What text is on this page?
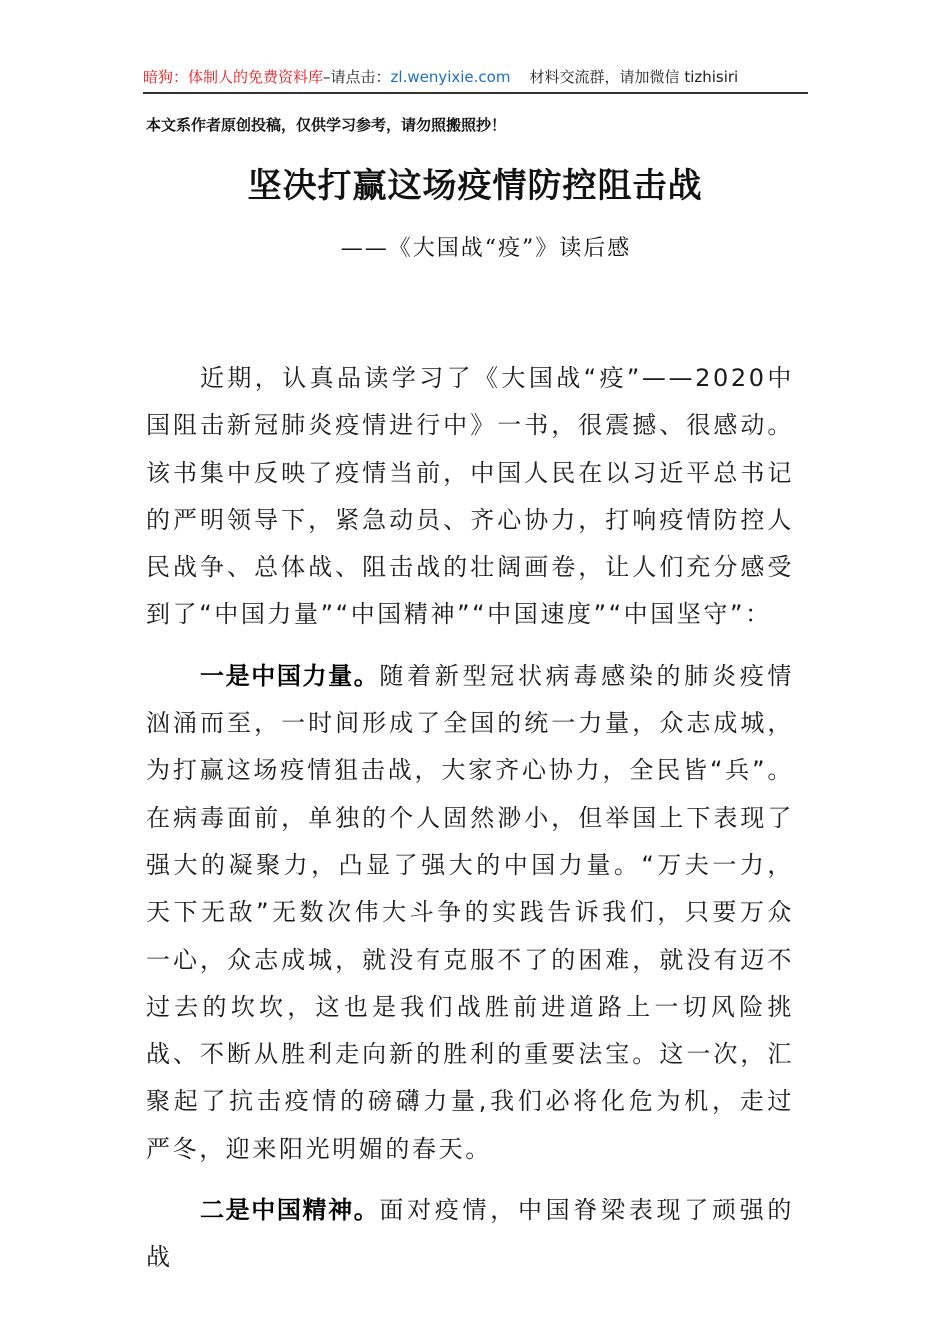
暗狗：体制人的免费资料库–请点击：zl.wenyixie.com 材料交流群，请加微信 tizhisiri
本文系作者原创投稿，仅供学习参考，请勿照搬照抄！
坚决打赢这场疫情防控阻击战
——《大国战“疫”》读后感

近期，认真品读学习了《大国战“疫”——2020中国阻击新冠肺炎疫情进行中》一书，很震撼、很感动。该书集中反映了疫情当前，中国人民在以习近平总书记的严明领导下，紧急动员、齐心协力，打响疫情防控人民战争、总体战、阻击战的壮阔画卷，让人们充分感受到了“中国力量”“中国精神”“中国速度”“中国坚守”：

一是中国力量。随着新型冠状病毒感染的肺炎疫情汹涌而至，一时间形成了全国的统一力量，众志成城，为打赢这场疫情狙击战，大家齐心协力，全民皆“兵”。 在病毒面前，单独的个人固然渺小，但举国上下表现了强大的凝聚力，凸显了强大的中国力量。“万夫一力，天下无敌”无数次伟大斗争的实践告诉我们，只要万众一心，众志成城，就没有克服不了的困难，就没有迈不过去的坎坎，这也是我们战胜前进道路上一切风险挑战、不断从胜利走向新的胜利的重要法宝。这一次，汇聚起了抗击疫情的磅礴力量,我们必将化危为机，走过严冬，迎来阳光明媚的春天。

二是中国精神。面对疫情，中国脊梁表现了顽强的战
